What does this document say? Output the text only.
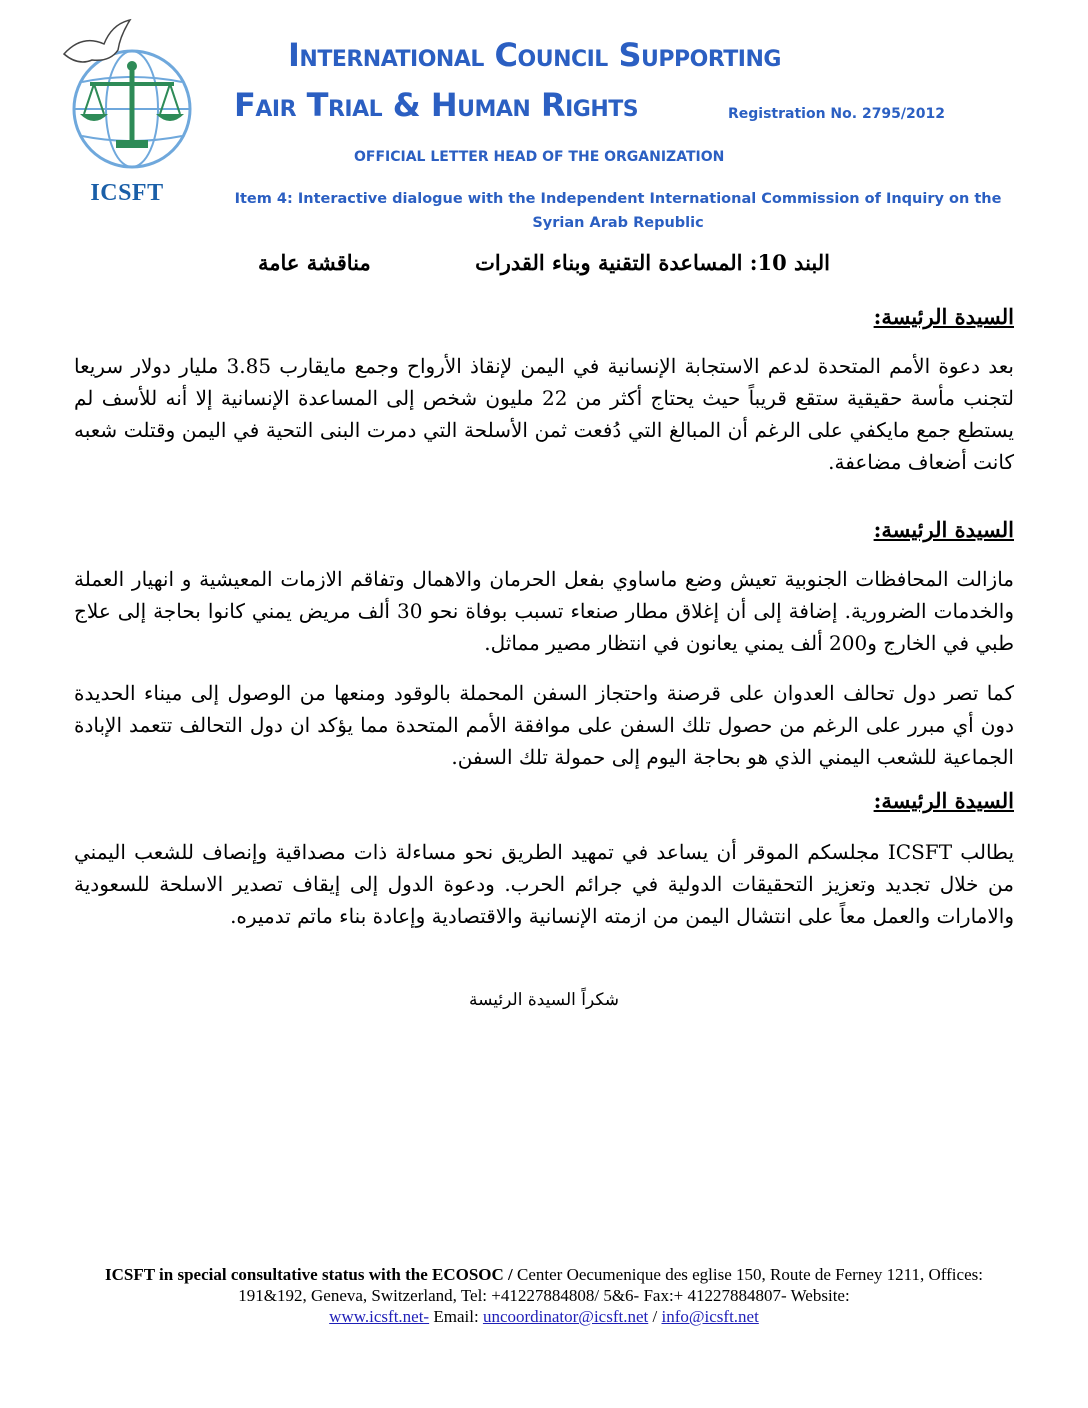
ICSFT
International Council Supporting
Fair Trial & Human Rights	Registration No. 2795/2012
OFFICIAL LETTER HEAD OF THE ORGANIZATION
Item 4: Interactive dialogue with the Independent International Commission of Inquiry on the Syrian Arab Republic
البند 10: المساعدة التقنية وبناء القدرات
مناقشة عامة
السيدة الرئيسة:
بعد دعوة الأمم المتحدة لدعم الاستجابة الإنسانية في اليمن لإنقاذ الأرواح وجمع مايقارب 3.85 مليار دولار سريعا لتجنب مأسة حقيقية ستقع قريباً حيث يحتاج أكثر من 22 مليون شخص إلى المساعدة الإنسانية إلا أنه للأسف لم يستطع جمع مايكفي على الرغم أن المبالغ التي دُفعت ثمن الأسلحة التي دمرت البنى التحية في اليمن وقتلت شعبه كانت أضعاف مضاعفة.
السيدة الرئيسة:
مازالت المحافظات الجنوبية تعيش وضع ماساوي بفعل الحرمان والاهمال وتفاقم الازمات المعيشية و انهيار العملة والخدمات الضرورية. إضافة إلى أن إغلاق مطار صنعاء تسبب بوفاة نحو 30 ألف مريض يمني كانوا بحاجة إلى علاج طبي في الخارج و200 ألف يمني يعانون في انتظار مصير مماثل.
كما تصر دول تحالف العدوان على قرصنة واحتجاز السفن المحملة بالوقود ومنعها من الوصول إلى ميناء الحديدة دون أي مبرر على الرغم من حصول تلك السفن على موافقة الأمم المتحدة مما يؤكد ان دول التحالف تتعمد الإبادة الجماعية للشعب اليمني الذي هو بحاجة اليوم إلى حمولة تلك السفن.
السيدة الرئيسة:
يطالب ICSFT مجلسكم الموقر أن يساعد في تمهيد الطريق نحو مساءلة ذات مصداقية وإنصاف للشعب اليمني من خلال تجديد وتعزيز التحقيقات الدولية في جرائم الحرب. ودعوة الدول إلى إيقاف تصدير الاسلحة للسعودية والامارات والعمل معاً على انتشال اليمن من ازمته الإنسانية والاقتصادية وإعادة بناء ماتم تدميره.
شكراً السيدة الرئيسة
ICSFT in special consultative status with the ECOSOC / Center Oecumenique des eglise 150, Route de Ferney 1211, Offices: 191&192, Geneva, Switzerland, Tel: +41227884808/ 5&6- Fax:+ 41227884807- Website:
www.icsft.net- Email: uncoordinator@icsft.net / info@icsft.net
